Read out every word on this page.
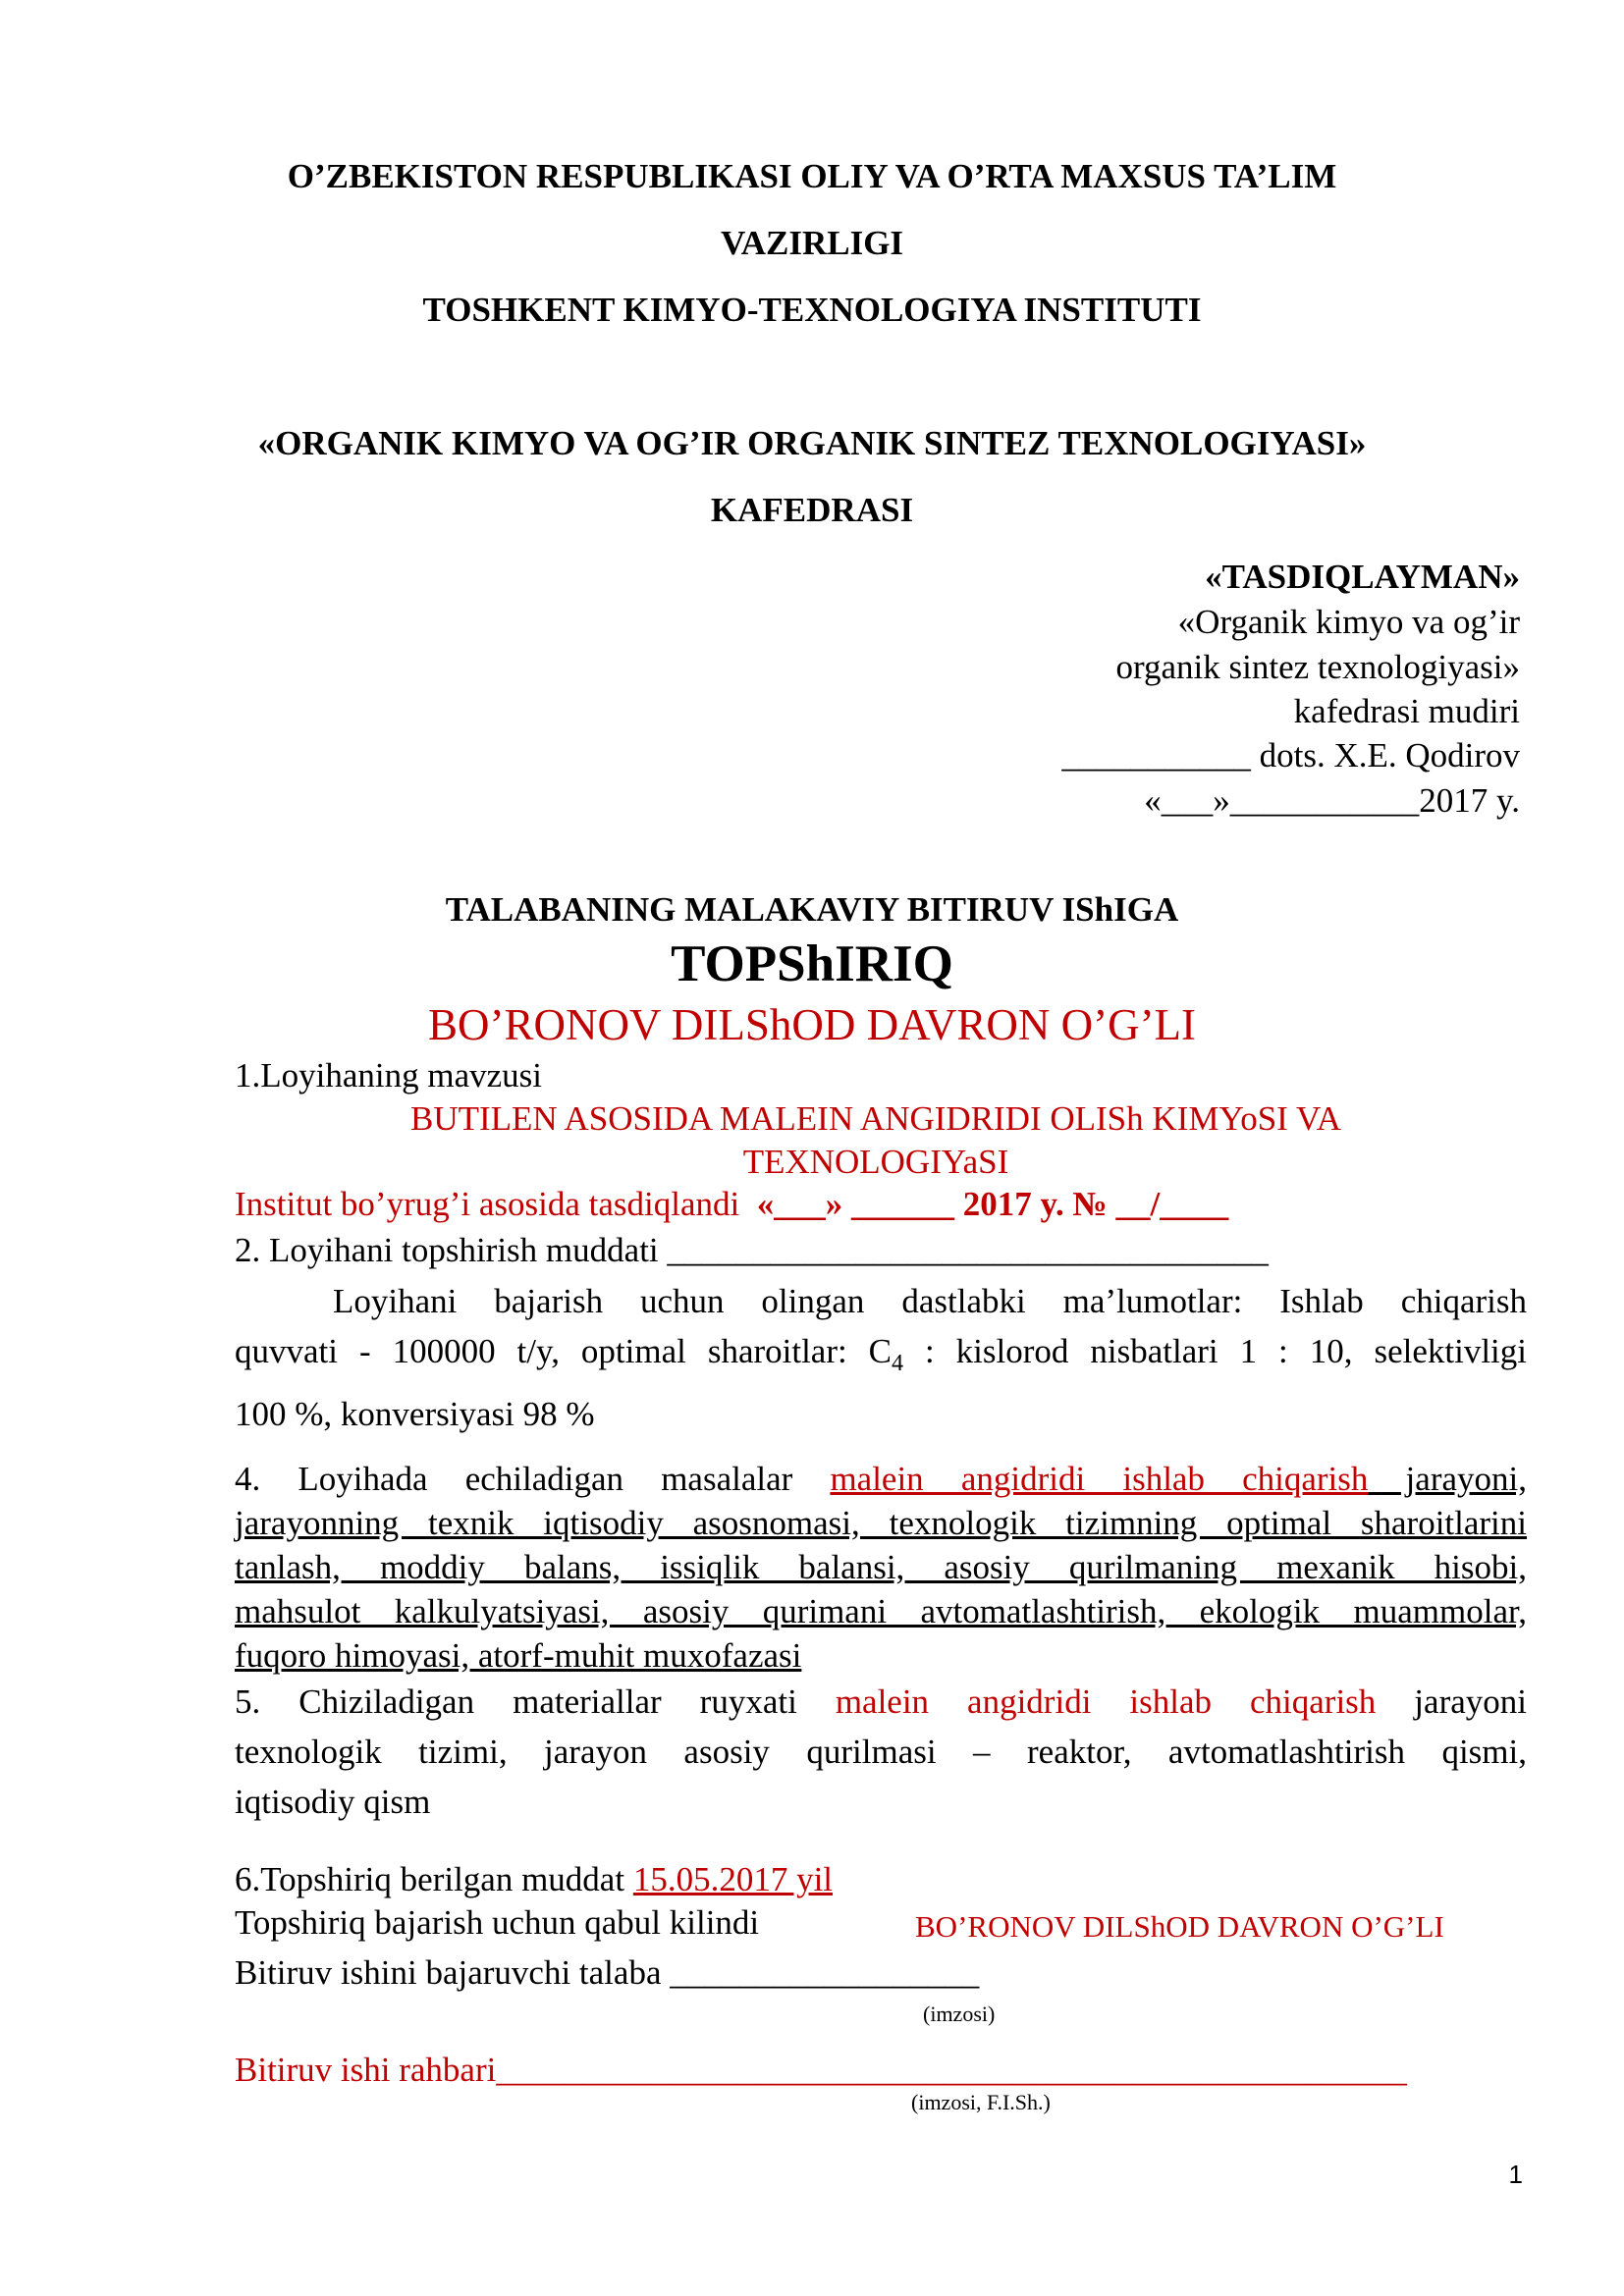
O’ZBEKISTON RESPUBLIKASI OLIY VA O’RTA MAXSUS TA’LIM
VAZIRLIGI
TOSHKENT KIMYO-TEXNOLOGIYA INSTITUTI
«ORGANIK KIMYO VA OG’IR ORGANIK SINTEZ TEXNOLOGIYASI»
KAFEDRASI
«TASDIQLAYMAN»
«Organik kimyo va og’ir
organik sintez texnologiyasi»
kafedrasi mudiri
___________ dots. X.E. Qodirov
«___»___________2017 y.
TALABANING MALAKAVIY BITIRUV IShIGA
TOPShIRIQ
BO’RONOV DILShOD DAVRON O’G’LI
1.Loyihaning mavzusi
BUTILEN ASOSIDA MALEIN ANGIDRIDI OLISh KIMYoSI VA
TEXNOLOGIYaSI
Institut bo’yrug’i asosida tasdiqlandi «___» ______ 2017 y. № __/____
2. Loyihani topshirish muddati ___________________________________
Loyihani bajarish uchun olingan dastlabki ma’lumotlar: Ishlab chiqarish
quvvati - 100000 t/y, optimal sharoitlar: $C_4$ : kislorod nisbatlari 1 : 10, selektivligi
100 %, konversiyasi 98 %
4. Loyihada echiladigan masalalar malein angidridi ishlab chiqarish jarayoni,
jarayonning texnik iqtisodiy asosnomasi, texnologik tizimning optimal sharoitlarini
tanlash, moddiy balans, issiqlik balansi, asosiy qurilmaning mexanik hisobi,
mahsulot kalkulyatsiyasi, asosiy qurimani avtomatlashtirish, ekologik muammolar,
fuqoro himoyasi, atorf-muhit muxofazasi
5. Chiziladigan materiallar ruyxati malein angidridi ishlab chiqarish jarayoni
texnologik tizimi, jarayon asosiy qurilmasi – reaktor, avtomatlashtirish qismi,
iqtisodiy qism
6.Topshiriq berilgan muddat 15.05.2017 yil
Topshiriq bajarish uchun qabul kilindi	BO’RONOV DILShOD DAVRON O’G’LI
Bitiruv ishini bajaruvchi talaba __________________
(imzosi)
Bitiruv ishi rahbari_____________________________________________________
(imzosi, F.I.Sh.)
1
